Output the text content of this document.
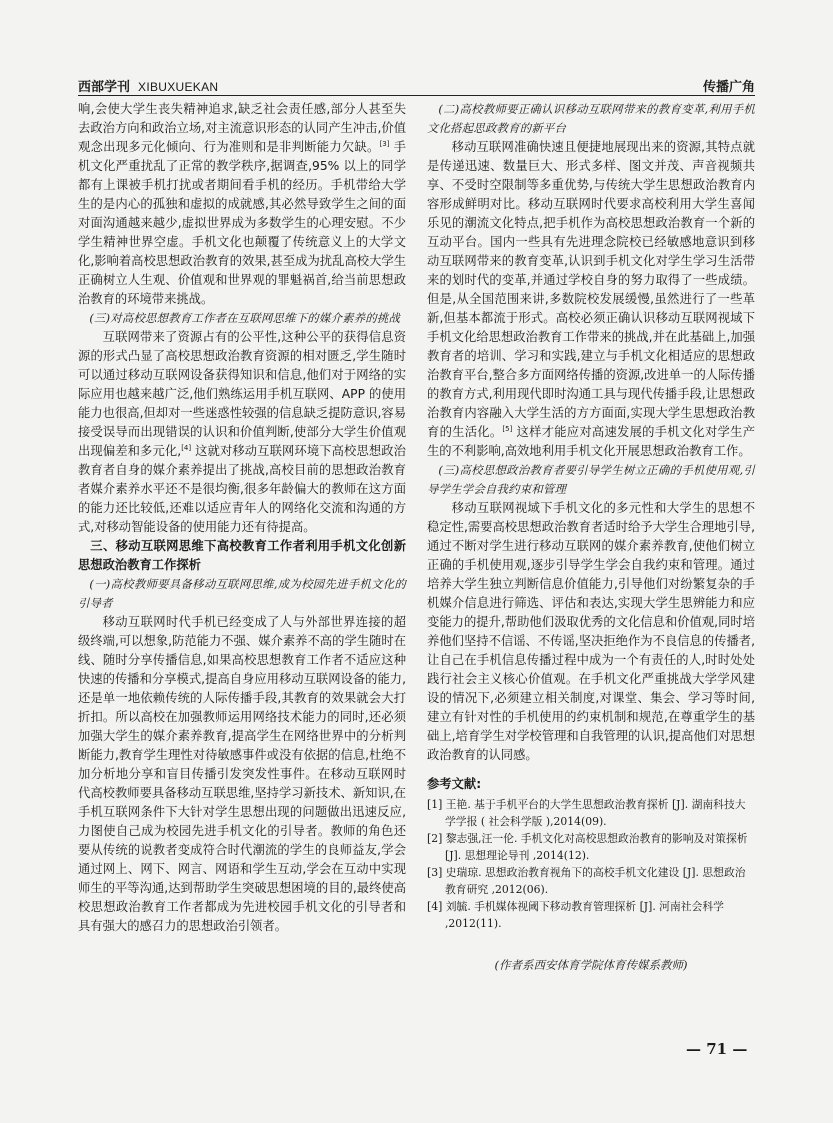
西部学刊 XIBUXUEKAN	传播广角

响,会使大学生丧失精神追求,缺乏社会责任感,部分人甚至失去政治方向和政治立场,对主流意识形态的认同产生冲击,价值观念出现多元化倾向、行为准则和是非判断能力欠缺。[3] 手机文化严重扰乱了正常的教学秩序,据调查,95% 以上的同学都有上课被手机打扰或者期间看手机的经历。手机带给大学生的是内心的孤独和虚拟的成就感,其必然导致学生之间的面对面沟通越来越少,虚拟世界成为多数学生的心理安慰。不少学生精神世界空虚。手机文化也颠覆了传统意义上的大学文化,影响着高校思想政治教育的效果,甚至成为扰乱高校大学生正确树立人生观、价值观和世界观的罪魁祸首,给当前思想政治教育的环境带来挑战。

(三)对高校思想教育工作者在互联网思维下的媒介素养的挑战

互联网带来了资源占有的公平性,这种公平的获得信息资源的形式凸显了高校思想政治教育资源的相对匮乏,学生随时可以通过移动互联网设备获得知识和信息,他们对于网络的实际应用也越来越广泛,他们熟练运用手机互联网、APP 的使用能力也很高,但却对一些迷惑性较强的信息缺乏提防意识,容易接受误导而出现错误的认识和价值判断,使部分大学生价值观出现偏差和多元化,[4] 这就对移动互联网环境下高校思想政治教育者自身的媒介素养提出了挑战,高校目前的思想政治教育者媒介素养水平还不是很均衡,很多年龄偏大的教师在这方面的能力还比较低,还难以适应青年人的网络化交流和沟通的方式,对移动智能设备的使用能力还有待提高。

三、移动互联网思维下高校教育工作者利用手机文化创新思想政治教育工作探析

(一)高校教师要具备移动互联网思维,成为校园先进手机文化的引导者

移动互联网时代手机已经变成了人与外部世界连接的超级终端,可以想象,防范能力不强、媒介素养不高的学生随时在线、随时分享传播信息,如果高校思想教育工作者不适应这种快速的传播和分享模式,提高自身应用移动互联网设备的能力,还是单一地依赖传统的人际传播手段,其教育的效果就会大打折扣。所以高校在加强教师运用网络技术能力的同时,还必须加强大学生的媒介素养教育,提高学生在网络世界中的分析判断能力,教育学生理性对待敏感事件或没有依据的信息,杜绝不加分析地分享和盲目传播引发突发性事件。在移动互联网时代高校教师要具备移动互联思维,坚持学习新技术、新知识,在手机互联网条件下大针对学生思想出现的问题做出迅速反应,力图使自己成为校园先进手机文化的引导者。教师的角色还要从传统的说教者变成符合时代潮流的学生的良师益友,学会通过网上、网下、网言、网语和学生互动,学会在互动中实现师生的平等沟通,达到帮助学生突破思想困境的目的,最终使高校思想政治教育工作者都成为先进校园手机文化的引导者和具有强大的感召力的思想政治引领者。

(二)高校教师要正确认识移动互联网带来的教育变革,利用手机文化搭起思政教育的新平台

移动互联网准确快速且便捷地展现出来的资源,其特点就是传递迅速、数量巨大、形式多样、图文并茂、声音视频共享、不受时空限制等多重优势,与传统大学生思想政治教育内容形成鲜明对比。移动互联网时代要求高校利用大学生喜闻乐见的潮流文化特点,把手机作为高校思想政治教育一个新的互动平台。国内一些具有先进理念院校已经敏感地意识到移动互联网带来的教育变革,认识到手机文化对学生学习生活带来的划时代的变革,并通过学校自身的努力取得了一些成绩。但是,从全国范围来讲,多数院校发展缓慢,虽然进行了一些革新,但基本都流于形式。高校必须正确认识移动互联网视域下手机文化给思想政治教育工作带来的挑战,并在此基础上,加强教育者的培训、学习和实践,建立与手机文化相适应的思想政治教育平台,整合多方面网络传播的资源,改进单一的人际传播的教育方式,利用现代即时沟通工具与现代传播手段,让思想政治教育内容融入大学生活的方方面面,实现大学生思想政治教育的生活化。[5] 这样才能应对高速发展的手机文化对学生产生的不利影响,高效地利用手机文化开展思想政治教育工作。

(三)高校思想政治教育者要引导学生树立正确的手机使用观,引导学生学会自我约束和管理

移动互联网视域下手机文化的多元性和大学生的思想不稳定性,需要高校思想政治教育者适时给予大学生合理地引导,通过不断对学生进行移动互联网的媒介素养教育,使他们树立正确的手机使用观,逐步引导学生学会自我约束和管理。通过培养大学生独立判断信息价值能力,引导他们对纷繁复杂的手机媒介信息进行筛选、评估和表达,实现大学生思辨能力和应变能力的提升,帮助他们汲取优秀的文化信息和价值观,同时培养他们坚持不信谣、不传谣,坚决拒绝作为不良信息的传播者,让自己在手机信息传播过程中成为一个有责任的人,时时处处践行社会主义核心价值观。在手机文化严重挑战大学学风建设的情况下,必须建立相关制度,对课堂、集会、学习等时间,建立有针对性的手机使用的约束机制和规范,在尊重学生的基础上,培育学生对学校管理和自我管理的认识,提高他们对思想政治教育的认同感。

参考文献:

[1] 王艳. 基于手机平台的大学生思想政治教育探析 [J]. 湖南科技大学学报 ( 社会科学版 ),2014(09).

[2] 黎志强,汪一伦. 手机文化对高校思想政治教育的影响及对策探析 [J]. 思想理论导刊 ,2014(12).

[3] 史瑞琼. 思想政治教育视角下的高校手机文化建设 [J]. 思想政治教育研究 ,2012(06).

[4] 刘毓. 手机媒体视阈下移动教育管理探析 [J]. 河南社会科学 ,2012(11).

(作者系西安体育学院体育传媒系教师)
— 71 —
